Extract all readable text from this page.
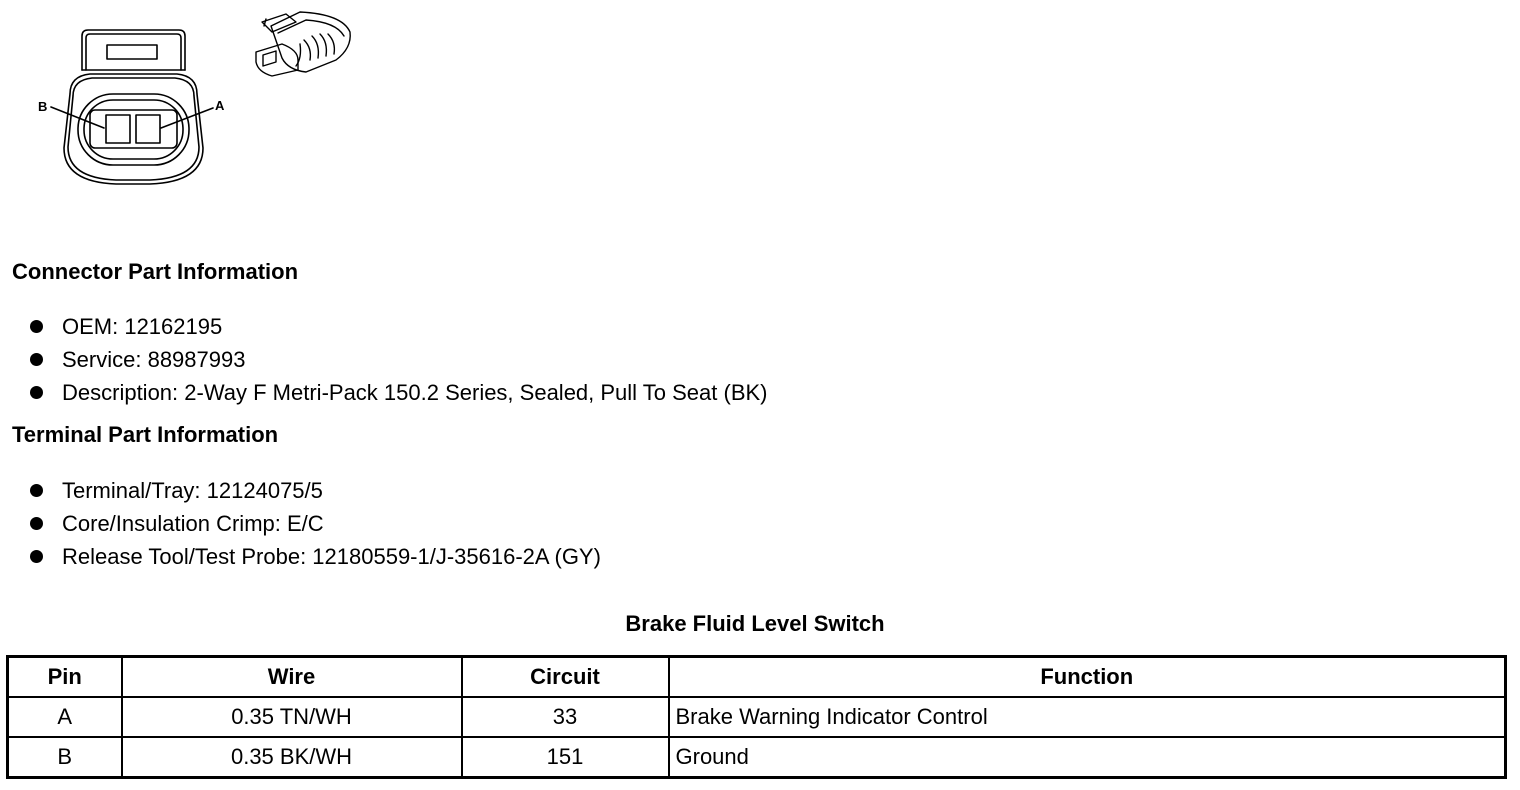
B	A
Connector Part Information
OEM: 12162195
Service: 88987993
Description: 2-Way F Metri-Pack 150.2 Series, Sealed, Pull To Seat (BK)
Terminal Part Information
Terminal/Tray: 12124075/5
Core/Insulation Crimp: E/C
Release Tool/Test Probe: 12180559-1/J-35616-2A (GY)
Brake Fluid Level Switch
Pin	Wire	Circuit	Function
A	0.35 TN/WH	33	Brake Warning Indicator Control
B	0.35 BK/WH	151	Ground
